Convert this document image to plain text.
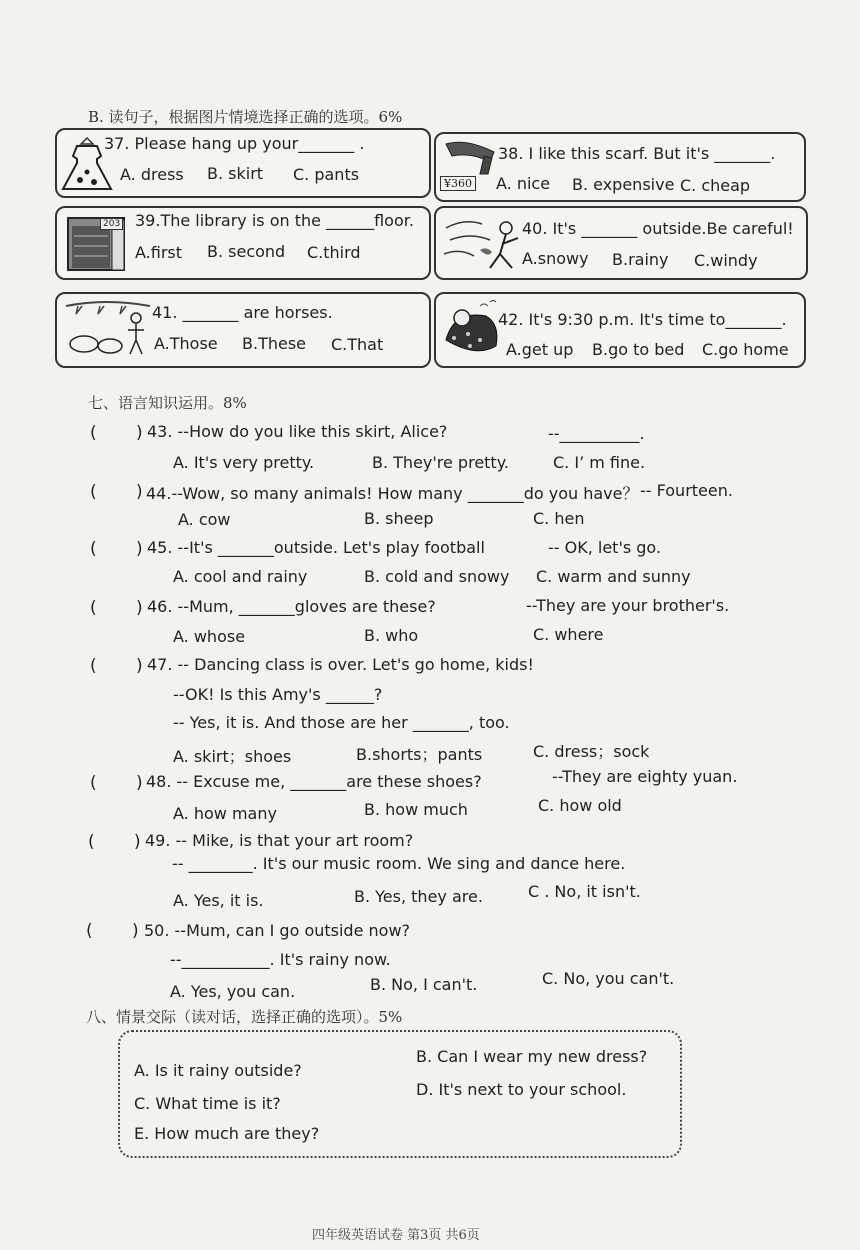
B. 读句子，根据图片情境选择正确的选项。6%
37. Please hang up your_______ .
A. dress B. skirt C. pants	¥360
38. I like this scarf. But it's _______.
A. nice B. expensive C. cheap
203 39.The library is on the ______floor.
A.first B. second C.third
40. It's _______ outside.Be careful!
A.snowy B.rainy C.windy
41. _______ are horses.
A.Those B.These C.That
42. It's 9:30 p.m. It's time to_______.
A.get up B.go to bed C.go home
七、语言知识运用。8%
( ) 43. --How do you like this skirt, Alice?	--__________.
A. It's very pretty.	B. They're pretty.	C. I’ m fine.
( ) 44.--Wow, so many animals! How many _______do you have？ -- Fourteen.
A. cow	B. sheep	C. hen
( ) 45. --It's _______outside. Let's play football	-- OK, let's go.
A. cool and rainy	B. cold and snowy C. warm and sunny
( ) 46. --Mum, _______gloves are these?	--They are your brother's.
A. whose	B. who	C. where
( ) 47. -- Dancing class is over. Let's go home, kids!
--OK! Is this Amy's ______?
-- Yes, it is. And those are her _______, too.
A. skirt；shoes	B.shorts；pants	C. dress；sock
( ) 48. -- Excuse me, _______are these shoes?	--They are eighty yuan.
A. how many	B. how much	C. how old
( ) 49. -- Mike, is that your art room?
-- ________. It's our music room. We sing and dance here.
A. Yes, it is.	B. Yes, they are.	C . No, it isn't.
( ) 50. --Mum, can I go outside now?
--___________. It's rainy now.
A. Yes, you can.	B. No, I can't.	C. No, you can't.
八、情景交际（读对话，选择正确的选项）。5%
A. Is it rainy outside?
B. Can I wear my new dress?
C. What time is it?
D. It's next to your school.
E. How much are they?
四年级英语试卷 第3页 共6页
